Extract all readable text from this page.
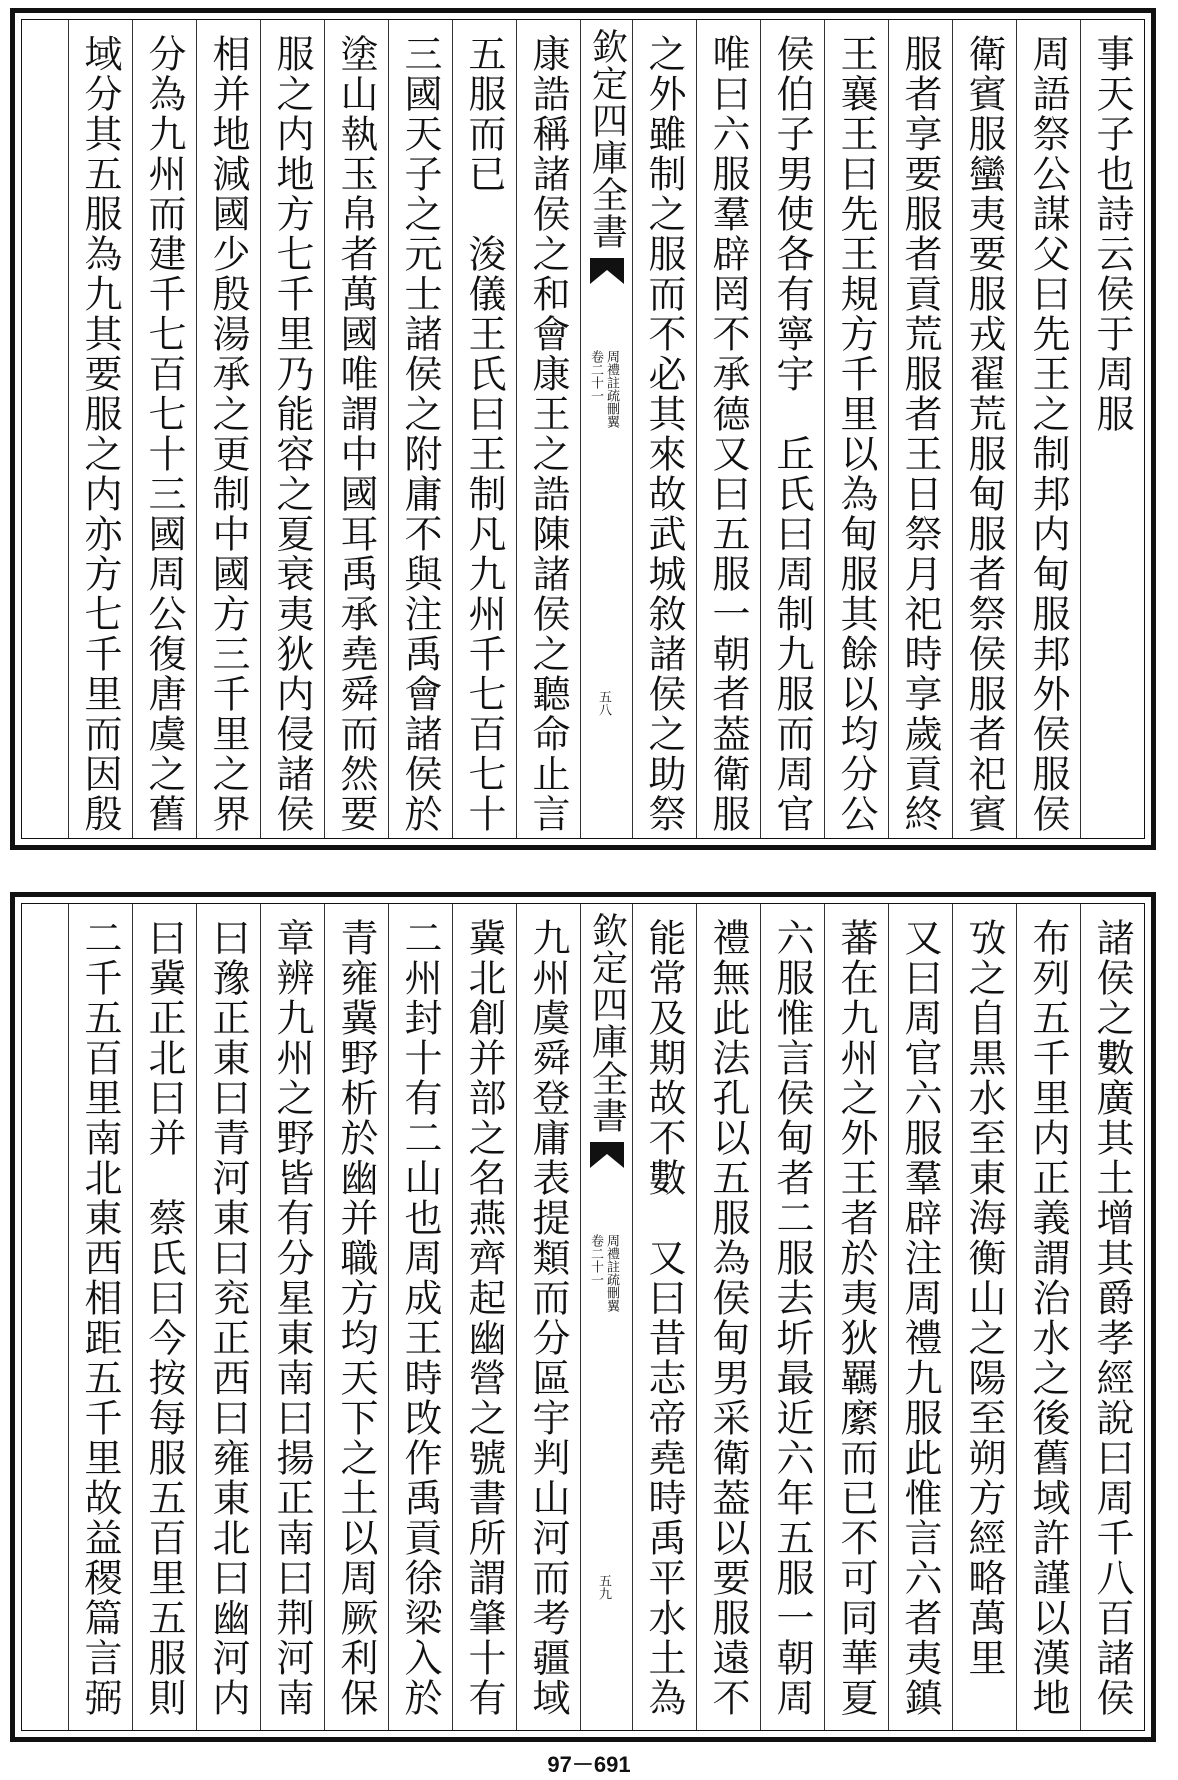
事天子也詩云侯于周服
周語祭公謀父曰先王之制邦内甸服邦外侯服侯
衛賓服蠻夷要服戎翟荒服甸服者祭侯服者祀賓
服者享要服者貢荒服者王日祭月祀時享歲貢終
王襄王曰先王規方千里以為甸服其餘以均分公
侯伯子男使各有寧宇　丘氏曰周制九服而周官
唯曰六服羣辟罔不承德又曰五服一朝者葢衛服
之外雖制之服而不必其來故武城敘諸侯之助祭
欽定四庫全書
周禮註疏刪翼
卷二十一
五八
康誥稱諸侯之和會康王之誥陳諸侯之聽命止言
五服而已　浚儀王氏曰王制凡九州千七百七十
三國天子之元士諸侯之附庸不與注禹會諸侯於
塗山執玉帛者萬國唯謂中國耳禹承堯舜而然要
服之内地方七千里乃能容之夏衰夷狄内侵諸侯
相并地減國少殷湯承之更制中國方三千里之界
分為九州而建千七百七十三國周公復唐虞之舊
域分其五服為九其要服之内亦方七千里而因殷
諸侯之數廣其土增其爵孝經說曰周千八百諸侯
布列五千里内正義謂治水之後舊域許謹以漢地
攷之自黒水至東海衡山之陽至朔方經略萬里
又曰周官六服羣辟注周禮九服此惟言六者夷鎮
蕃在九州之外王者於夷狄羈縻而已不可同華夏
六服惟言侯甸者二服去圻最近六年五服一朝周
禮無此法孔以五服為侯甸男采衛葢以要服遠不
能常及期故不數　又曰昔志帝堯時禹平水土為
欽定四庫全書
周禮註疏刪翼
卷二十一
五九
九州虞舜登庸表提類而分區宇判山河而考疆域
冀北創并部之名燕齊起幽營之號書所謂肇十有
二州封十有二山也周成王時攺作禹貢徐梁入於
青雍冀野析於幽并職方均天下之土以周厥利保
章辨九州之野皆有分星東南曰揚正南曰荆河南
曰豫正東曰青河東曰兖正西曰雍東北曰幽河内
曰冀正北曰并　蔡氏曰今按每服五百里五服則
二千五百里南北東西相距五千里故益稷篇言弼
97－691
